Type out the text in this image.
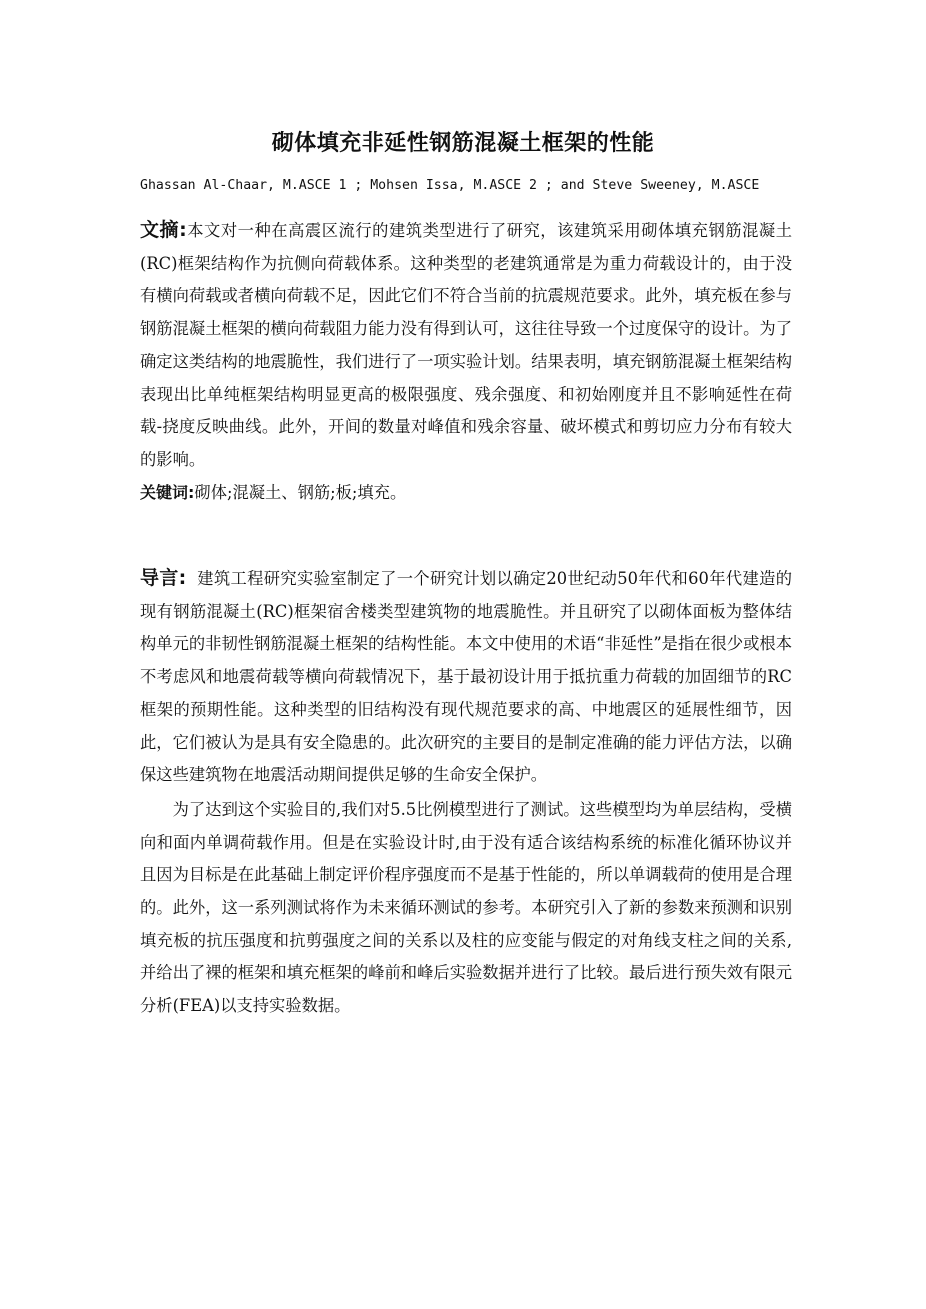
砌体填充非延性钢筋混凝土框架的性能
Ghassan Al-Chaar, M.ASCE 1 ; Mohsen Issa, M.ASCE 2 ; and Steve Sweeney, M.ASCE

文摘:本文对一种在高震区流行的建筑类型进行了研究，该建筑采用砌体填充钢筋混凝土(RC)框架结构作为抗侧向荷载体系。这种类型的老建筑通常是为重力荷载设计的，由于没有横向荷载或者横向荷载不足，因此它们不符合当前的抗震规范要求。此外，填充板在参与钢筋混凝土框架的横向荷载阻力能力没有得到认可，这往往导致一个过度保守的设计。为了确定这类结构的地震脆性，我们进行了一项实验计划。结果表明，填充钢筋混凝土框架结构表现出比单纯框架结构明显更高的极限强度、残余强度、和初始刚度并且不影响延性在荷载-挠度反映曲线。此外，开间的数量对峰值和残余容量、破坏模式和剪切应力分布有较大的影响。

关键词:砌体;混凝土、钢筋;板;填充。

导言:  建筑工程研究实验室制定了一个研究计划以确定20世纪动50年代和60年代建造的现有钢筋混凝土(RC)框架宿舍楼类型建筑物的地震脆性。并且研究了以砌体面板为整体结构单元的非韧性钢筋混凝土框架的结构性能。本文中使用的术语“非延性”是指在很少或根本不考虑风和地震荷载等横向荷载情况下，基于最初设计用于抵抗重力荷载的加固细节的RC框架的预期性能。这种类型的旧结构没有现代规范要求的高、中地震区的延展性细节，因此，它们被认为是具有安全隐患的。此次研究的主要目的是制定准确的能力评估方法，以确保这些建筑物在地震活动期间提供足够的生命安全保护。

为了达到这个实验目的,我们对5.5比例模型进行了测试。这些模型均为单层结构，受横向和面内单调荷载作用。但是在实验设计时,由于没有适合该结构系统的标准化循环协议并且因为目标是在此基础上制定评价程序强度而不是基于性能的，所以单调载荷的使用是合理的。此外，这一系列测试将作为未来循环测试的参考。本研究引入了新的参数来预测和识别填充板的抗压强度和抗剪强度之间的关系以及柱的应变能与假定的对角线支柱之间的关系,并给出了裸的框架和填充框架的峰前和峰后实验数据并进行了比较。最后进行预失效有限元分析(FEA)以支持实验数据。
